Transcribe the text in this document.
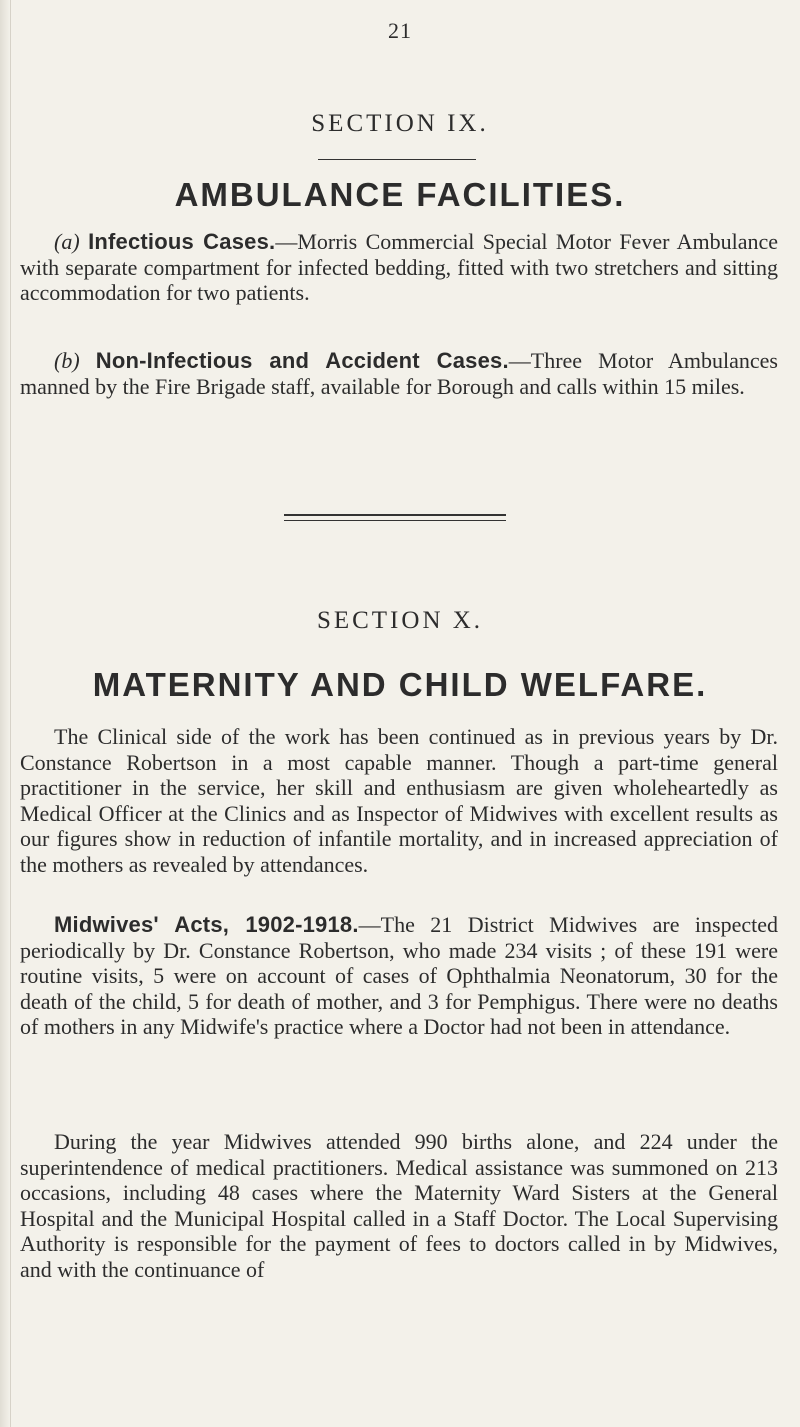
21
SECTION IX.
AMBULANCE FACILITIES.

(a) Infectious Cases.—Morris Commercial Special Motor Fever Ambulance with separate compartment for infected bedding, fitted with two stretchers and sitting accommodation for two patients.

(b) Non-Infectious and Accident Cases.—Three Motor Ambulances manned by the Fire Brigade staff, available for Borough and calls within 15 miles.

SECTION X.
MATERNITY AND CHILD WELFARE.

The Clinical side of the work has been continued as in previous years by Dr. Constance Robertson in a most capable manner. Though a part-time general practitioner in the service, her skill and enthusiasm are given wholeheartedly as Medical Officer at the Clinics and as Inspector of Midwives with excellent results as our figures show in reduction of infantile mortality, and in increased appreciation of the mothers as revealed by attendances.

Midwives' Acts, 1902-1918.—The 21 District Midwives are inspected periodically by Dr. Constance Robertson, who made 234 visits ; of these 191 were routine visits, 5 were on account of cases of Ophthalmia Neonatorum, 30 for the death of the child, 5 for death of mother, and 3 for Pemphigus. There were no deaths of mothers in any Midwife's practice where a Doctor had not been in attendance.

During the year Midwives attended 990 births alone, and 224 under the superintendence of medical practitioners. Medical assistance was summoned on 213 occasions, including 48 cases where the Maternity Ward Sisters at the General Hospital and the Municipal Hospital called in a Staff Doctor. The Local Supervising Authority is responsible for the payment of fees to doctors called in by Midwives, and with the continuance of
